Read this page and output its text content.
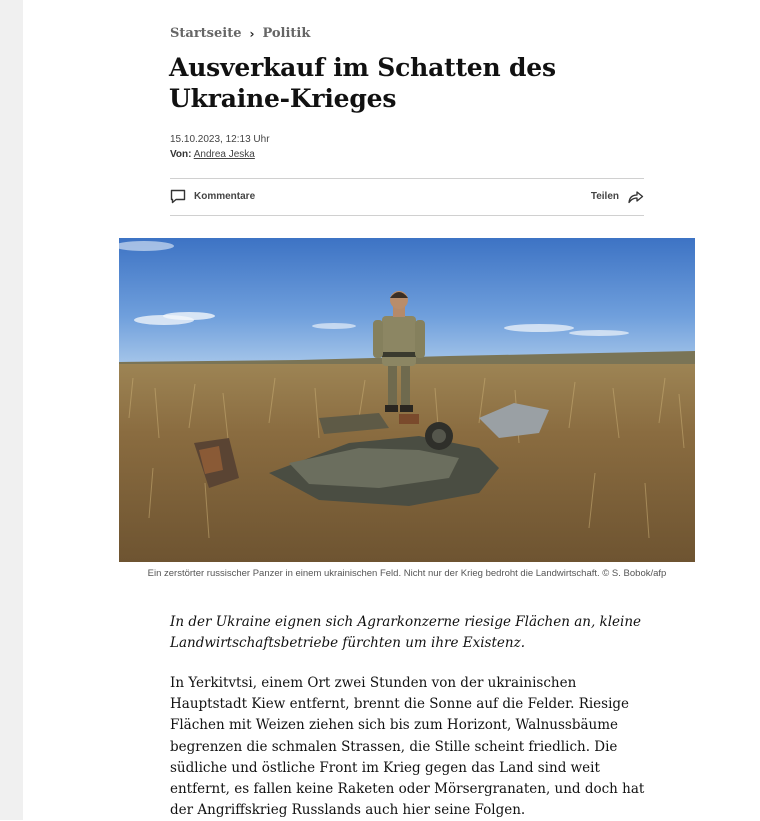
Startseite › Politik
Ausverkauf im Schatten des Ukraine-Krieges
15.10.2023, 12:13 Uhr
Von: Andrea Jeska
Kommentare	Teilen
Ein zerstörter russischer Panzer in einem ukrainischen Feld. Nicht nur der Krieg bedroht die Landwirtschaft. © S. Bobok/afp

In der Ukraine eignen sich Agrarkonzerne riesige Flächen an, kleine Landwirtschaftsbetriebe fürchten um ihre Existenz.

In Yerkitvtsi, einem Ort zwei Stunden von der ukrainischen Hauptstadt Kiew entfernt, brennt die Sonne auf die Felder. Riesige Flächen mit Weizen ziehen sich bis zum Horizont, Walnussbäume begrenzen die schmalen Strassen, die Stille scheint friedlich. Die südliche und östliche Front im Krieg gegen das Land sind weit entfernt, es fallen keine Raketen oder Mörsergranaten, und doch hat der Angriffskrieg Russlands auch hier seine Folgen.
